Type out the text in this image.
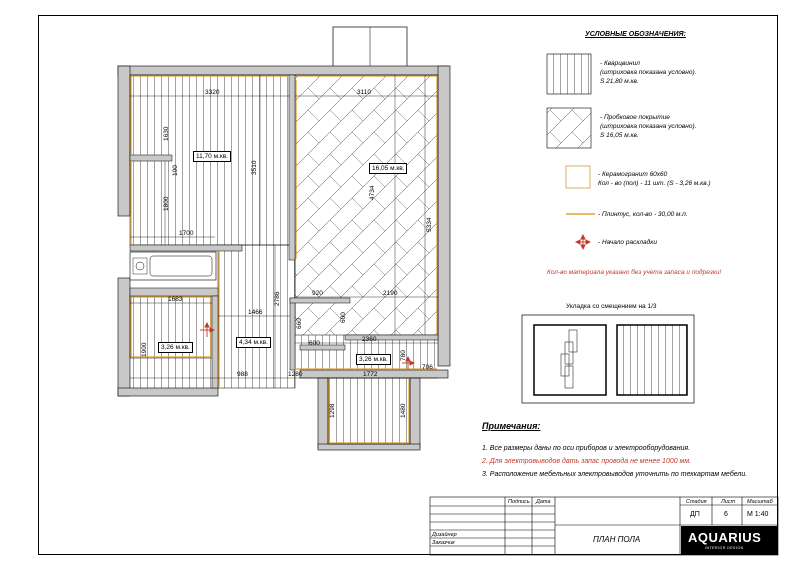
УСЛОВНЫЕ ОБОЗНАЧЕНИЯ:
- Кварцвинил
(штриховка показана условно).
S 21,80 м.кв.
- Пробковое покрытие
(штриховка показана условно).
S 16,05 м.кв.
- Керамогранит 60х60
Кол - во (пол) - 11 шт. (S - 3,26 м.кв.)
- Плинтус, кол-во - 30,00 м.п.
- Начало раскладки
Кол-во материала указано без учета запаса и подрезки!
Укладка со смещением на 1/3
Примечания:
1. Все размеры даны по оси приборов и электрооборудования.
2. Для электровыводов дать запас провода не менее 1000 мм.
3. Расположение мебельных электровыводов уточнить по техкартам мебели.
11,70 м.кв.
16,05 м.кв.
3,26 м.кв.
4,34 м.кв.
3,26 м.кв.
3320	3110
1700
920	2190
1683
1466
600
2360
706
988	1280	1772
1630
100	3510
1800
4734
5334
2786
660
600
1900	780
1298	1480
Подпись Дата
Дизайнер
Заказчик
Стадия	Лист Масштаб
ДП	6	М 1:40
ПЛАН ПОЛА	AQUARIUS
INTERIOR DESIGN
